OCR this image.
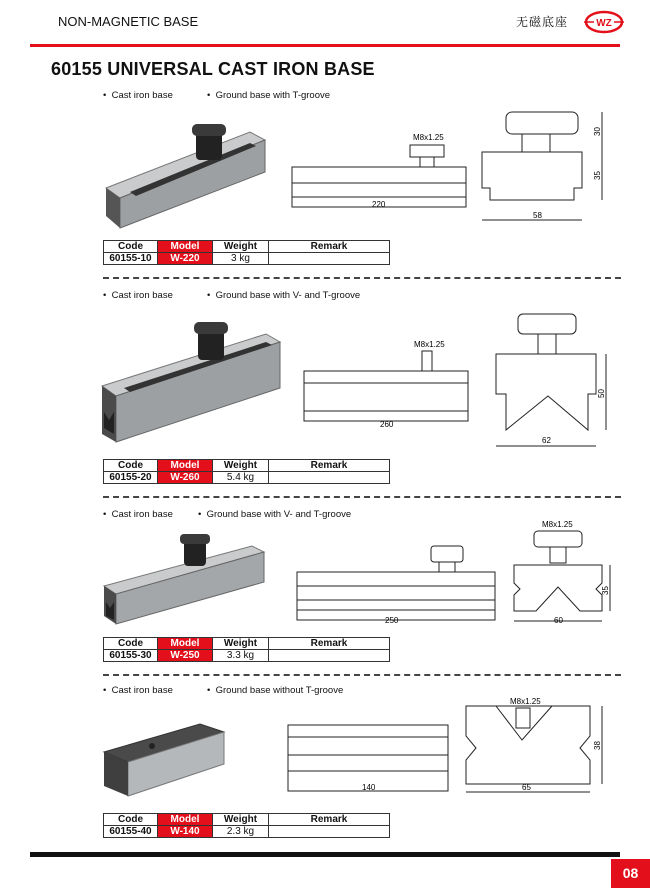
NON-MAGNETIC BASE	无磁底座	WZ
60155 UNIVERSAL CAST IRON BASE
•  Cast iron base	•  Ground base with T-groove
M8x1.25
220
58
30
35
Code	Model	Weight	Remark
60155-10	W-220	3 kg	
•  Cast iron base	•  Ground base with V- and T-groove
M8x1.25
260
62
50
Code	Model	Weight	Remark
60155-20	W-260	5.4 kg	
•  Cast iron base	•  Ground base with V- and T-groove
250
M8x1.25
60
35
Code	Model	Weight	Remark
60155-30	W-250	3.3 kg	
•  Cast iron base	•  Ground base without T-groove
140
M8x1.25
65
38
Code	Model	Weight	Remark
60155-40	W-140	2.3 kg	
08
